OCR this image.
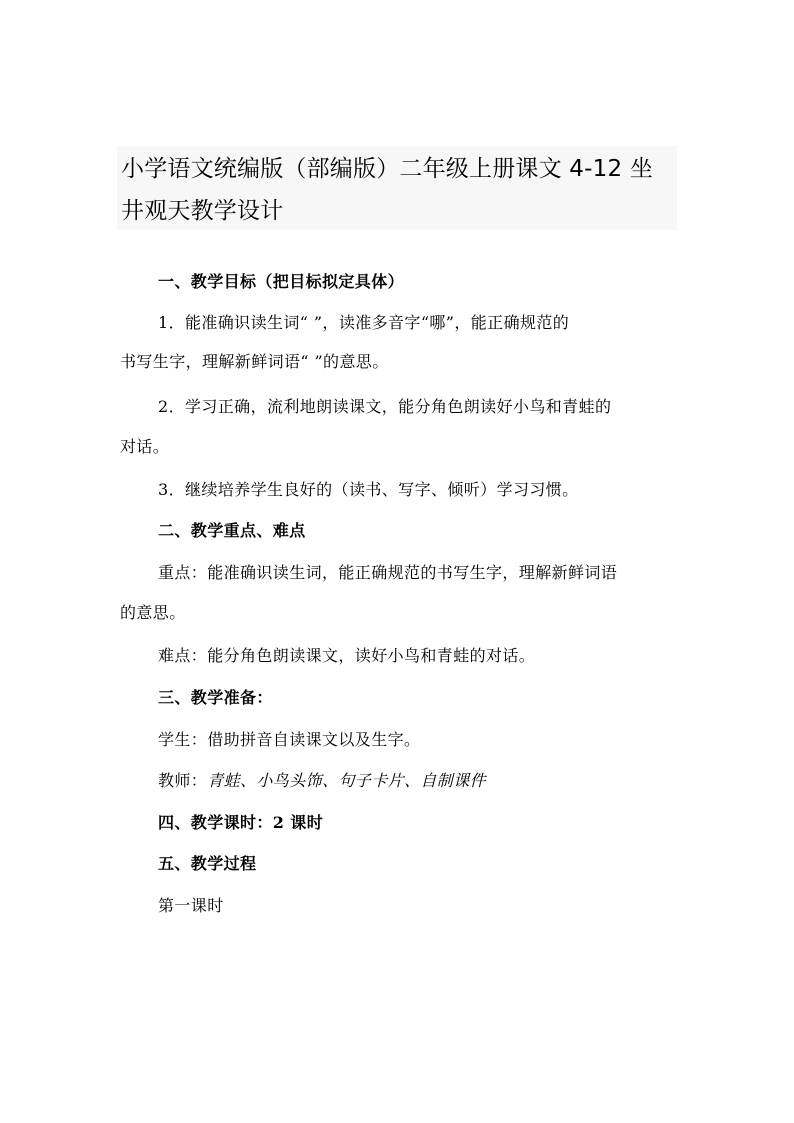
小学语文统编版（部编版）二年级上册课文 4-12 坐
井观天教学设计
一、教学目标（把目标拟定具体）
1．能准确识读生词“ ”，读准多音字“哪”，能正确规范的
书写生字，理解新鲜词语“ ”的意思。
2．学习正确，流利地朗读课文，能分角色朗读好小鸟和青蛙的
对话。
3．继续培养学生良好的（读书、写字、倾听）学习习惯。
二、教学重点、难点
重点：能准确识读生词，能正确规范的书写生字，理解新鲜词语
的意思。
难点：能分角色朗读课文，读好小鸟和青蛙的对话。
三、教学准备：
学生：借助拼音自读课文以及生字。
教师：青蛙、小鸟头饰、句子卡片、自制课件
四、教学课时：2 课时
五、教学过程
第一课时
